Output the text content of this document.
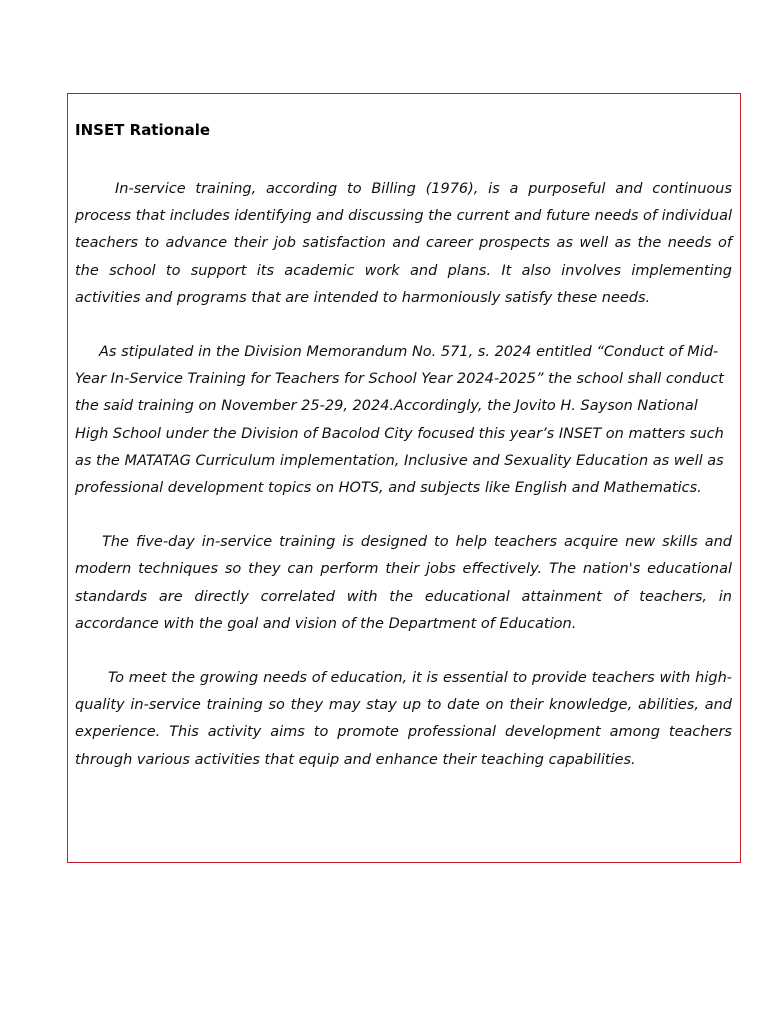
INSET Rationale

In-service training, according to Billing (1976), is a purposeful and continuous process that includes identifying and discussing the current and future needs of individual teachers to advance their job satisfaction and career prospects as well as the needs of the school to support its academic work and plans. It also involves implementing activities and programs that are intended to harmoniously satisfy these needs.

As stipulated in the Division Memorandum No. 571, s. 2024 entitled “Conduct of Mid-Year In-Service Training for Teachers for School Year 2024-2025” the school shall conduct the said training on November 25-29, 2024.Accordingly, the Jovito H. Sayson National High School under the Division of Bacolod City focused this year’s INSET on matters such as the MATATAG Curriculum implementation, Inclusive and Sexuality Education as well as professional development topics on HOTS, and subjects like English and Mathematics.

The five-day in-service training is designed to help teachers acquire new skills and modern techniques so they can perform their jobs effectively. The nation's educational standards are directly correlated with the educational attainment of teachers, in accordance with the goal and vision of the Department of Education.

To meet the growing needs of education, it is essential to provide teachers with high-quality in-service training so they may stay up to date on their knowledge, abilities, and experience. This activity aims to promote professional development among teachers through various activities that equip and enhance their teaching capabilities.
